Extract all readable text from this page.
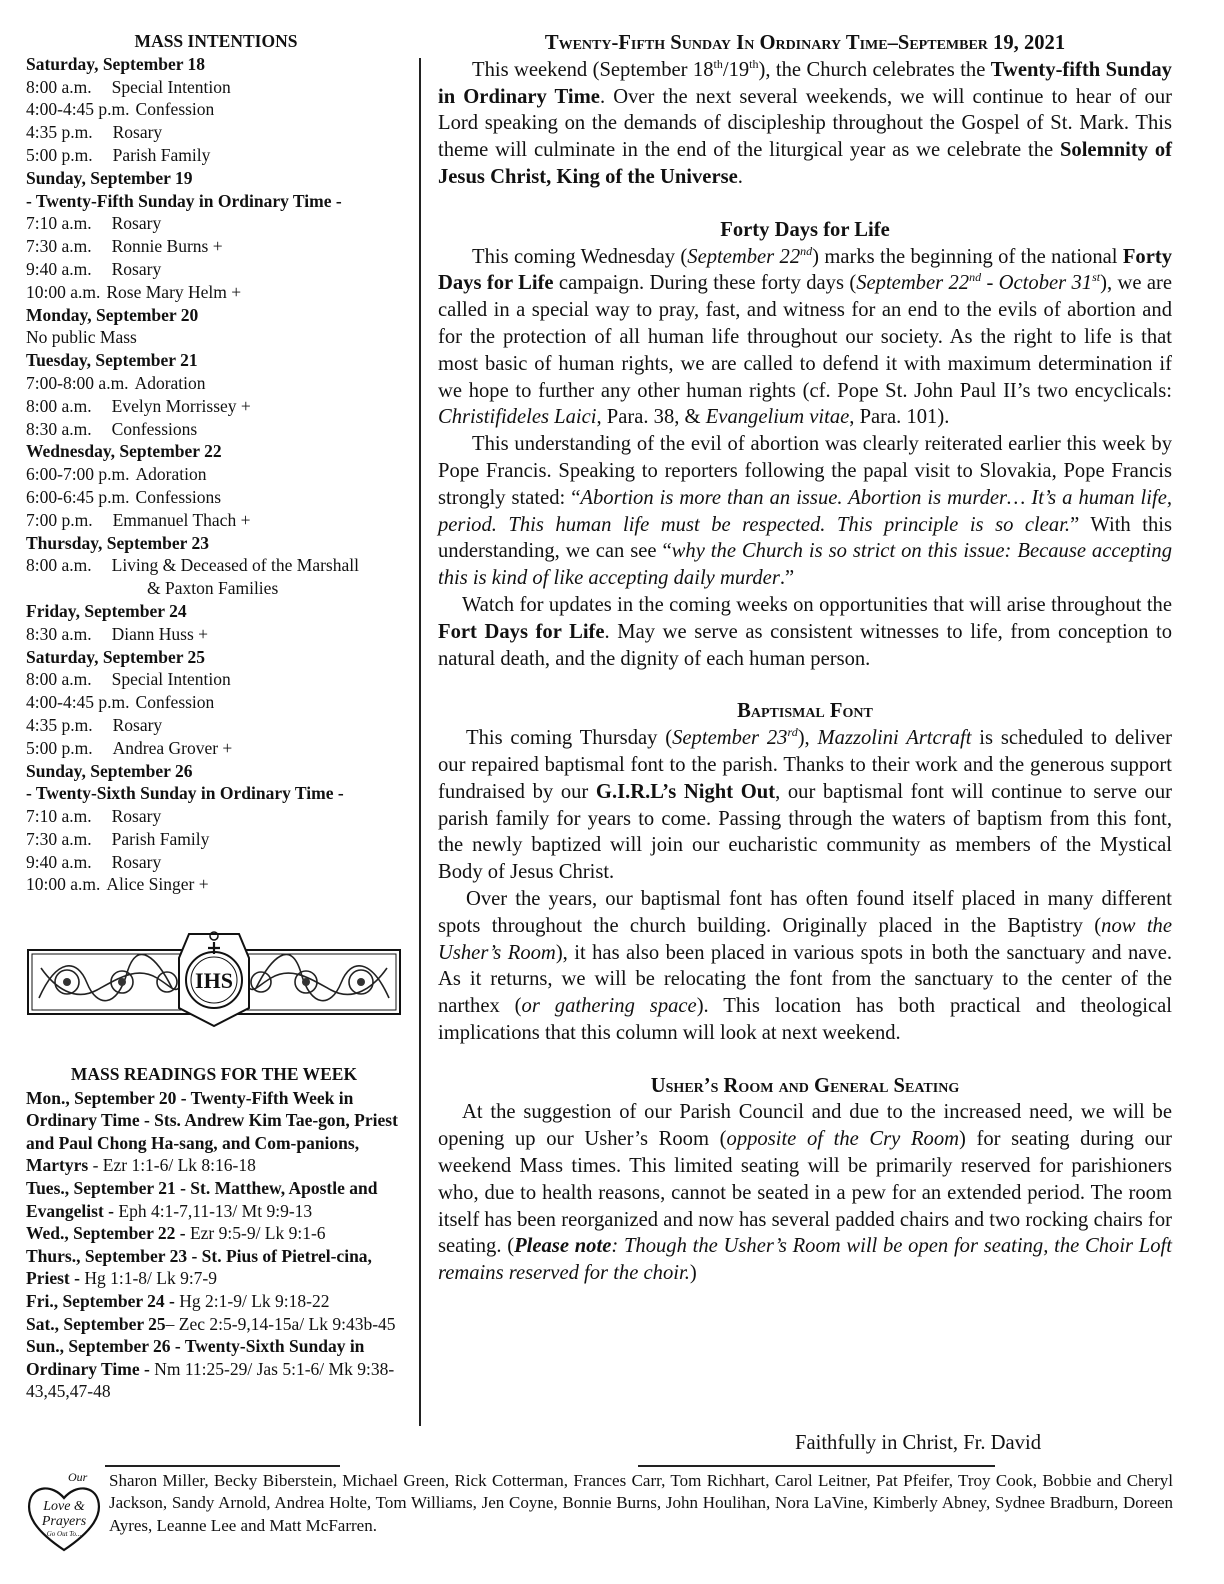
MASS INTENTIONS
Saturday, September 18
8:00 a.m. Special Intention
4:00-4:45 p.m. Confession
4:35 p.m. Rosary
5:00 p.m. Parish Family
Sunday, September 19
- Twenty-Fifth Sunday in Ordinary Time -
7:10 a.m. Rosary
7:30 a.m. Ronnie Burns +
9:40 a.m. Rosary
10:00 a.m. Rose Mary Helm +
Monday, September 20
No public Mass
Tuesday, September 21
7:00-8:00 a.m. Adoration
8:00 a.m. Evelyn Morrissey +
8:30 a.m. Confessions
Wednesday, September 22
6:00-7:00 p.m. Adoration
6:00-6:45 p.m. Confessions
7:00 p.m. Emmanuel Thach +
Thursday, September 23
8:00 a.m. Living & Deceased of the Marshall
& Paxton Families
Friday, September 24
8:30 a.m. Diann Huss +
Saturday, September 25
8:00 a.m. Special Intention
4:00-4:45 p.m. Confession
4:35 p.m. Rosary
5:00 p.m. Andrea Grover +
Sunday, September 26
- Twenty-Sixth Sunday in Ordinary Time -
7:10 a.m. Rosary
7:30 a.m. Parish Family
9:40 a.m. Rosary
10:00 a.m. Alice Singer +
IHS
MASS READINGS FOR THE WEEK
Mon., September 20 - Twenty-Fifth Week in Ordinary Time - Sts. Andrew Kim Tae-gon, Priest and Paul Chong Ha-sang, and Com-panions, Martyrs - Ezr 1:1-6/ Lk 8:16-18
Tues., September 21 - St. Matthew, Apostle and Evangelist - Eph 4:1-7,11-13/ Mt 9:9-13
Wed., September 22 - Ezr 9:5-9/ Lk 9:1-6
Thurs., September 23 - St. Pius of Pietrel-cina, Priest - Hg 1:1-8/ Lk 9:7-9
Fri., September 24 - Hg 2:1-9/ Lk 9:18-22
Sat., September 25– Zec 2:5-9,14-15a/ Lk 9:43b-45
Sun., September 26 - Twenty-Sixth Sunday in Ordinary Time - Nm 11:25-29/ Jas 5:1-6/ Mk 9:38-43,45,47-48
Twenty-Fifth Sunday In Ordinary Time–September 19, 2021

This weekend (September 18th/19th), the Church celebrates the Twenty-fifth Sunday in Ordinary Time. Over the next several weekends, we will continue to hear of our Lord speaking on the demands of discipleship throughout the Gospel of St. Mark. This theme will culminate in the end of the liturgical year as we celebrate the Solemnity of Jesus Christ, King of the Universe.

Forty Days for Life

This coming Wednesday (September 22nd) marks the beginning of the national Forty Days for Life campaign. During these forty days (September 22nd - October 31st), we are called in a special way to pray, fast, and witness for an end to the evils of abortion and for the protection of all human life throughout our society. As the right to life is that most basic of human rights, we are called to defend it with maximum determination if we hope to further any other human rights (cf. Pope St. John Paul II’s two encyclicals: Christifideles Laici, Para. 38, & Evangelium vitae, Para. 101).

This understanding of the evil of abortion was clearly reiterated earlier this week by Pope Francis. Speaking to reporters following the papal visit to Slovakia, Pope Francis strongly stated: “Abortion is more than an issue. Abortion is murder… It’s a human life, period. This human life must be respected. This principle is so clear.” With this understanding, we can see “why the Church is so strict on this issue: Because accepting this is kind of like accepting daily murder.”

Watch for updates in the coming weeks on opportunities that will arise throughout the Fort Days for Life. May we serve as consistent witnesses to life, from conception to natural death, and the dignity of each human person.

Baptismal Font

This coming Thursday (September 23rd), Mazzolini Artcraft is scheduled to deliver our repaired baptismal font to the parish. Thanks to their work and the generous support fundraised by our G.I.R.L’s Night Out, our baptismal font will continue to serve our parish family for years to come. Passing through the waters of baptism from this font, the newly baptized will join our eucharistic community as members of the Mystical Body of Jesus Christ.

Over the years, our baptismal font has often found itself placed in many different spots throughout the church building. Originally placed in the Baptistry (now the Usher’s Room), it has also been placed in various spots in both the sanctuary and nave. As it returns, we will be relocating the font from the sanctuary to the center of the narthex (or gathering space). This location has both practical and theological implications that this column will look at next weekend.

Usher’s Room and General Seating

At the suggestion of our Parish Council and due to the increased need, we will be opening up our Usher’s Room (opposite of the Cry Room) for seating during our weekend Mass times. This limited seating will be primarily reserved for parishioners who, due to health reasons, cannot be seated in a pew for an extended period. The room itself has been reorganized and now has several padded chairs and two rocking chairs for seating. (Please note: Though the Usher’s Room will be open for seating, the Choir Loft remains reserved for the choir.)

Faithfully in Christ, Fr. David
Our
Love &
Prayers
Go Out To...
Sharon Miller, Becky Biberstein, Michael Green, Rick Cotterman, Frances Carr, Tom Richhart, Carol Leitner, Pat Pfeifer, Troy Cook, Bobbie and Cheryl Jackson, Sandy Arnold, Andrea Holte, Tom Williams, Jen Coyne, Bonnie Burns, John Houlihan, Nora LaVine, Kimberly Abney, Sydnee Bradburn, Doreen Ayres, Leanne Lee and Matt McFarren.
